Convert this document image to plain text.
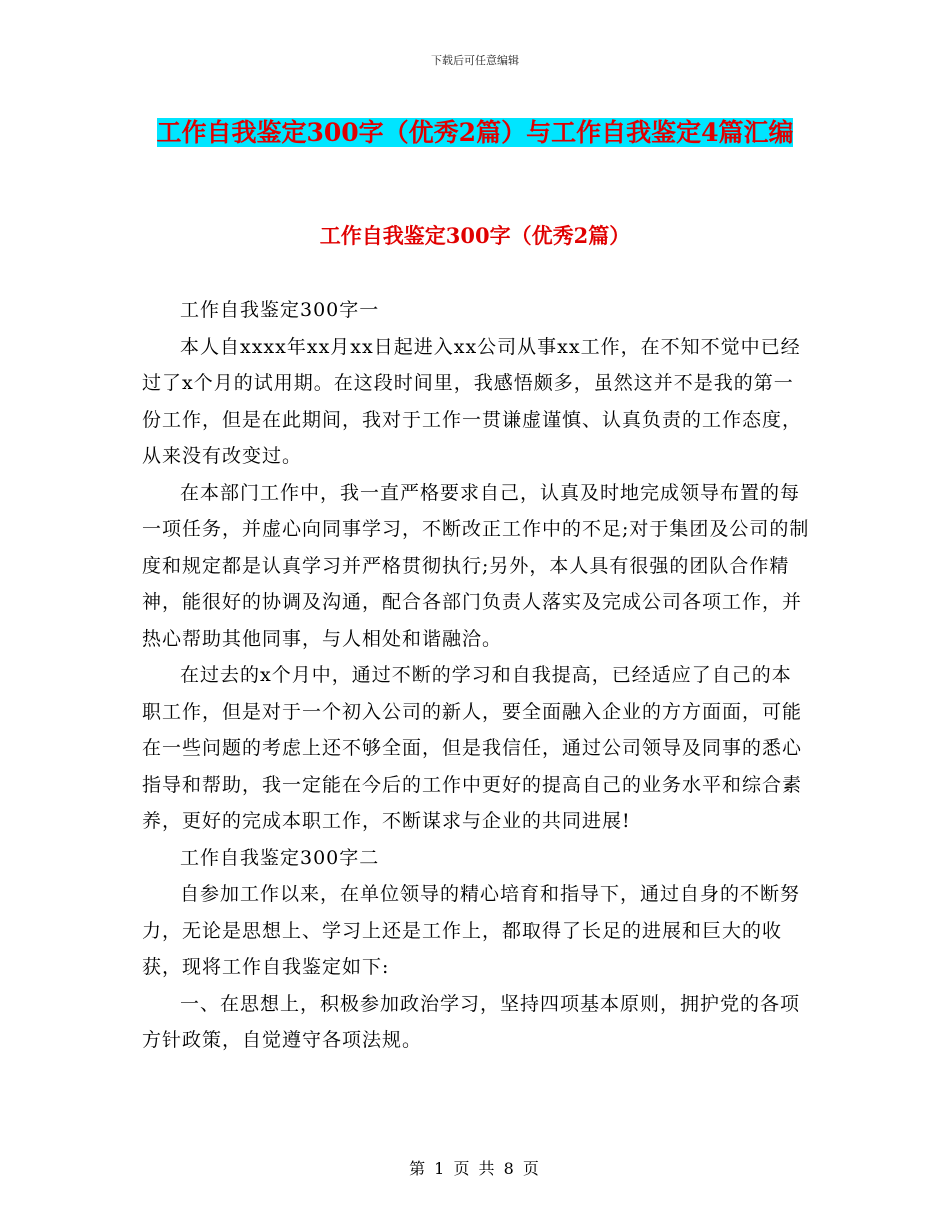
下载后可任意编辑
工作自我鉴定300字（优秀2篇）与工作自我鉴定4篇汇编
工作自我鉴定300字（优秀2篇）

工作自我鉴定300字一

本人自xxxx年xx月xx日起进入xx公司从事xx工作，在不知不觉中已经过了x个月的试用期。在这段时间里，我感悟颇多，虽然这并不是我的第一份工作，但是在此期间，我对于工作一贯谦虚谨慎、认真负责的工作态度，从来没有改变过。

在本部门工作中，我一直严格要求自己，认真及时地完成领导布置的每一项任务，并虚心向同事学习，不断改正工作中的不足;对于集团及公司的制度和规定都是认真学习并严格贯彻执行;另外，本人具有很强的团队合作精神，能很好的协调及沟通，配合各部门负责人落实及完成公司各项工作，并热心帮助其他同事，与人相处和谐融洽。

在过去的x个月中，通过不断的学习和自我提高，已经适应了自己的本职工作，但是对于一个初入公司的新人，要全面融入企业的方方面面，可能在一些问题的考虑上还不够全面，但是我信任，通过公司领导及同事的悉心指导和帮助，我一定能在今后的工作中更好的提高自己的业务水平和综合素养，更好的完成本职工作，不断谋求与企业的共同进展!

工作自我鉴定300字二

自参加工作以来，在单位领导的精心培育和指导下，通过自身的不断努力，无论是思想上、学习上还是工作上，都取得了长足的进展和巨大的收获，现将工作自我鉴定如下:

一、在思想上，积极参加政治学习，坚持四项基本原则，拥护党的各项方针政策，自觉遵守各项法规。

第 1 页 共 8 页
